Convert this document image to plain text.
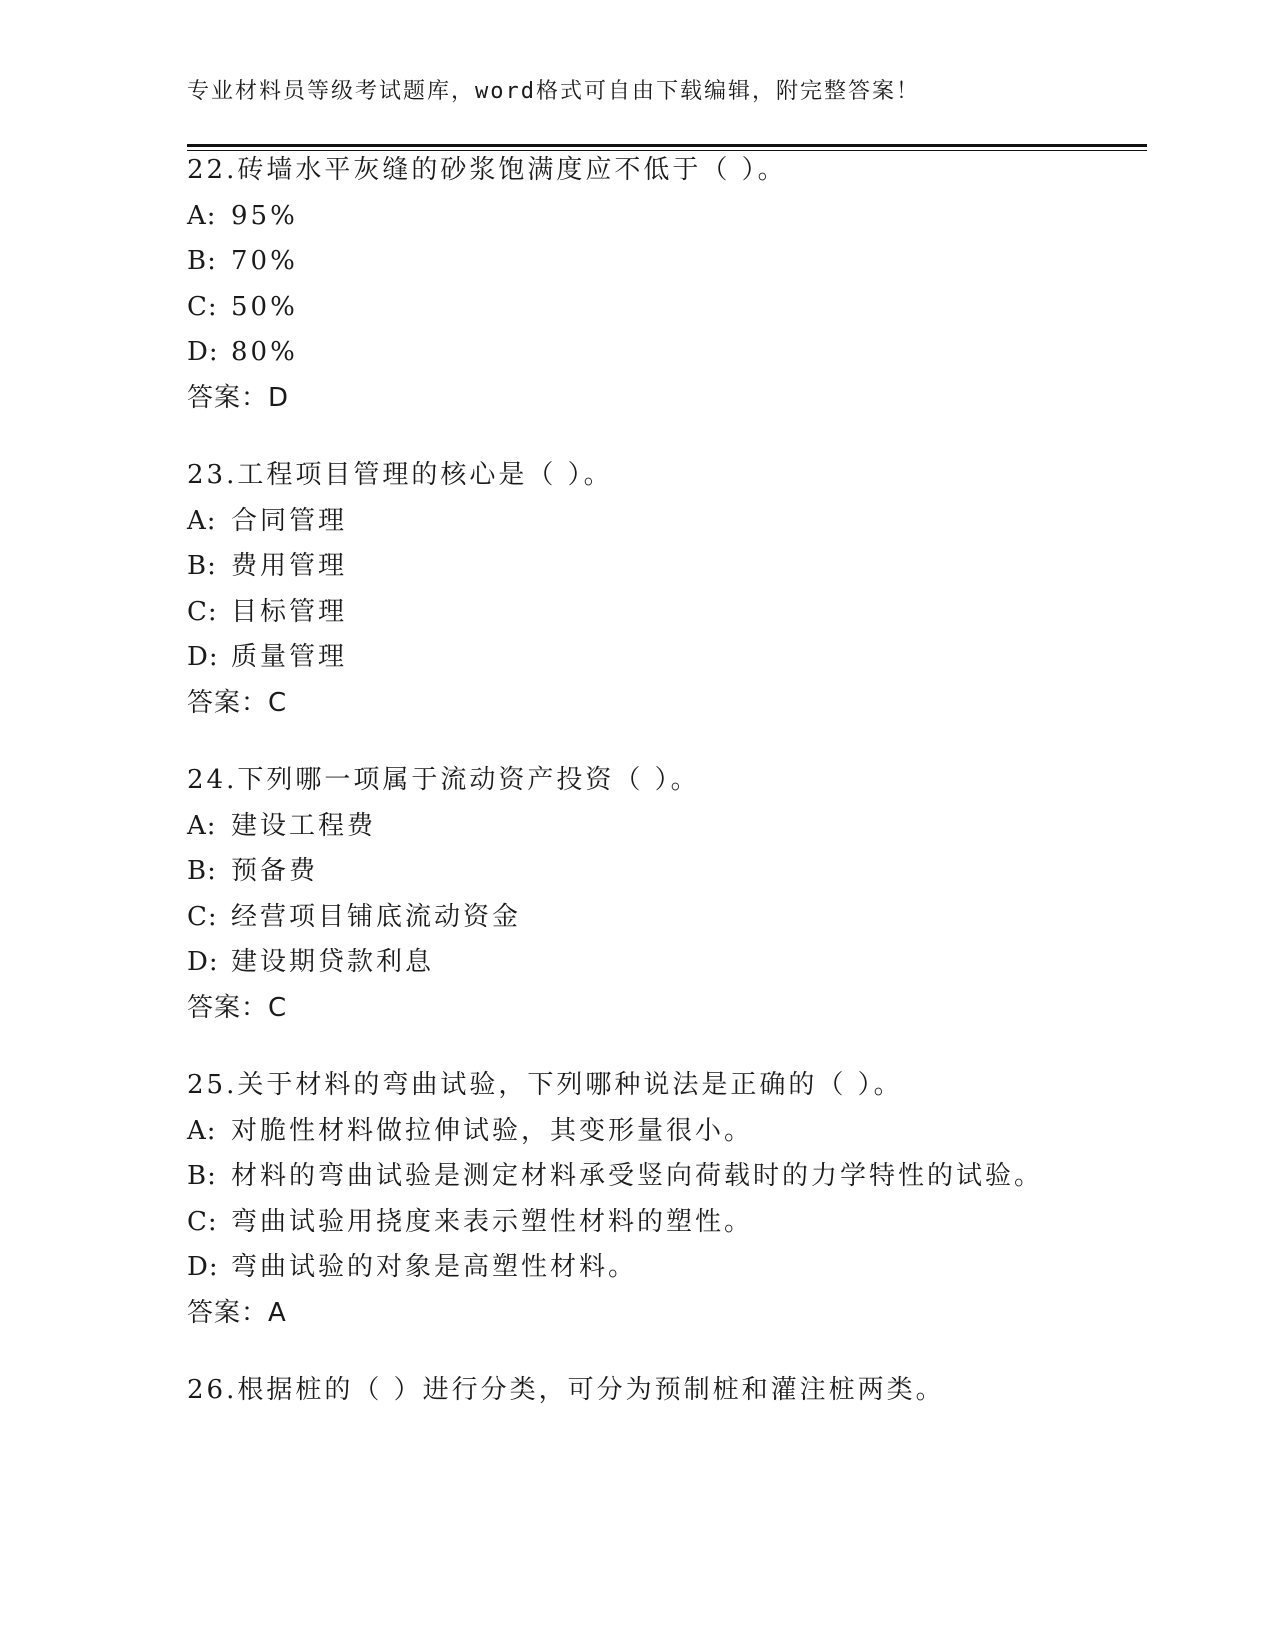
专业材料员等级考试题库，word格式可自由下载编辑，附完整答案！
22.砖墙水平灰缝的砂浆饱满度应不低于（ ）。
A: 95%
B: 70%
C: 50%
D: 80%
答案：D
23.工程项目管理的核心是（ ）。
A: 合同管理
B: 费用管理
C: 目标管理
D: 质量管理
答案：C
24.下列哪一项属于流动资产投资（ ）。
A: 建设工程费
B: 预备费
C: 经营项目铺底流动资金
D: 建设期贷款利息
答案：C
25.关于材料的弯曲试验，下列哪种说法是正确的（ ）。
A: 对脆性材料做拉伸试验，其变形量很小。
B: 材料的弯曲试验是测定材料承受竖向荷载时的力学特性的试验。
C: 弯曲试验用挠度来表示塑性材料的塑性。
D: 弯曲试验的对象是高塑性材料。
答案：A
26.根据桩的（ ）进行分类，可分为预制桩和灌注桩两类。
